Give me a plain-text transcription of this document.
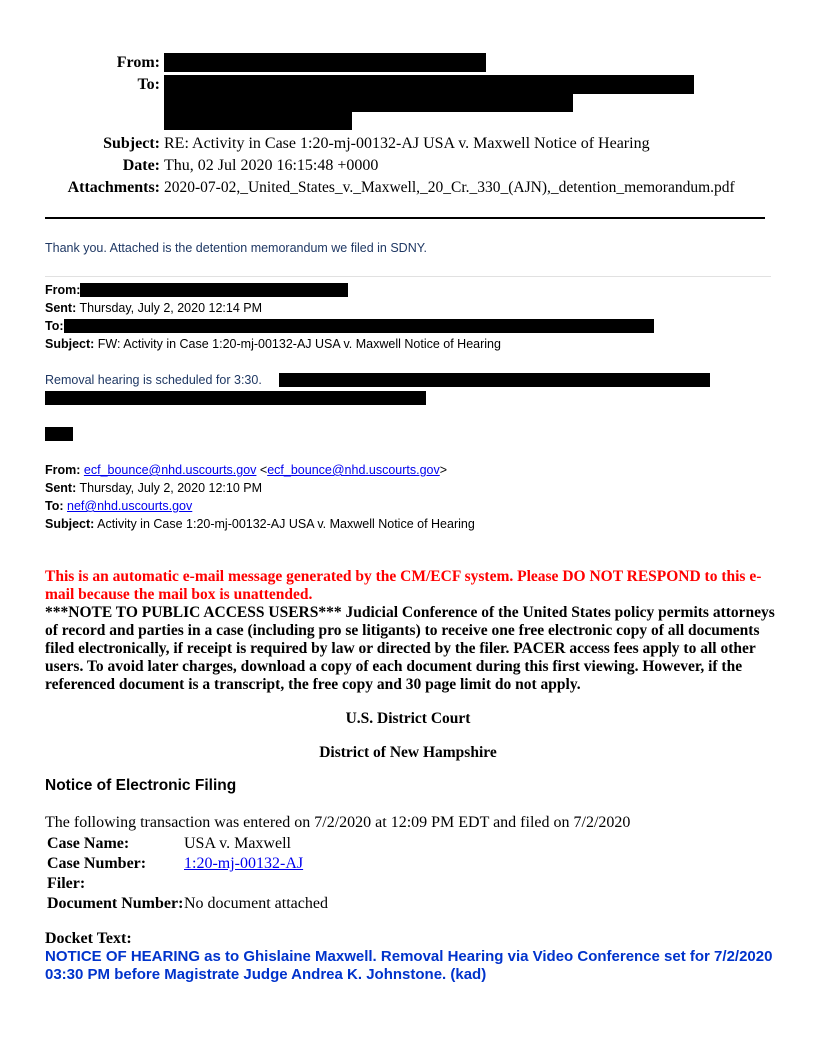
From:
To:
Subject: RE: Activity in Case 1:20-mj-00132-AJ USA v. Maxwell Notice of Hearing
Date: Thu, 02 Jul 2020 16:15:48 +0000
Attachments: 2020-07-02,_United_States_v._Maxwell,_20_Cr._330_(AJN),_detention_memorandum.pdf
Thank you. Attached is the detention memorandum we filed in SDNY.
From:
Sent: Thursday, July 2, 2020 12:14 PM
To:
Subject: FW: Activity in Case 1:20-mj-00132-AJ USA v. Maxwell Notice of Hearing
Removal hearing is scheduled for 3:30.
From: ecf_bounce@nhd.uscourts.gov <ecf_bounce@nhd.uscourts.gov>
Sent: Thursday, July 2, 2020 12:10 PM
To: nef@nhd.uscourts.gov
Subject: Activity in Case 1:20-mj-00132-AJ USA v. Maxwell Notice of Hearing
This is an automatic e-mail message generated by the CM/ECF system. Please DO NOT RESPOND to this e-mail because the mail box is unattended.
***NOTE TO PUBLIC ACCESS USERS*** Judicial Conference of the United States policy permits attorneys of record and parties in a case (including pro se litigants) to receive one free electronic copy of all documents filed electronically, if receipt is required by law or directed by the filer. PACER access fees apply to all other users. To avoid later charges, download a copy of each document during this first viewing. However, if the referenced document is a transcript, the free copy and 30 page limit do not apply.
U.S. District Court
District of New Hampshire
Notice of Electronic Filing
The following transaction was entered on 7/2/2020 at 12:09 PM EDT and filed on 7/2/2020
Case Name:	USA v. Maxwell
Case Number: 1:20-mj-00132-AJ
Filer:
Document Number: No document attached
Docket Text:
NOTICE OF HEARING as to Ghislaine Maxwell. Removal Hearing via Video Conference set for 7/2/2020 03:30 PM before Magistrate Judge Andrea K. Johnstone. (kad)
